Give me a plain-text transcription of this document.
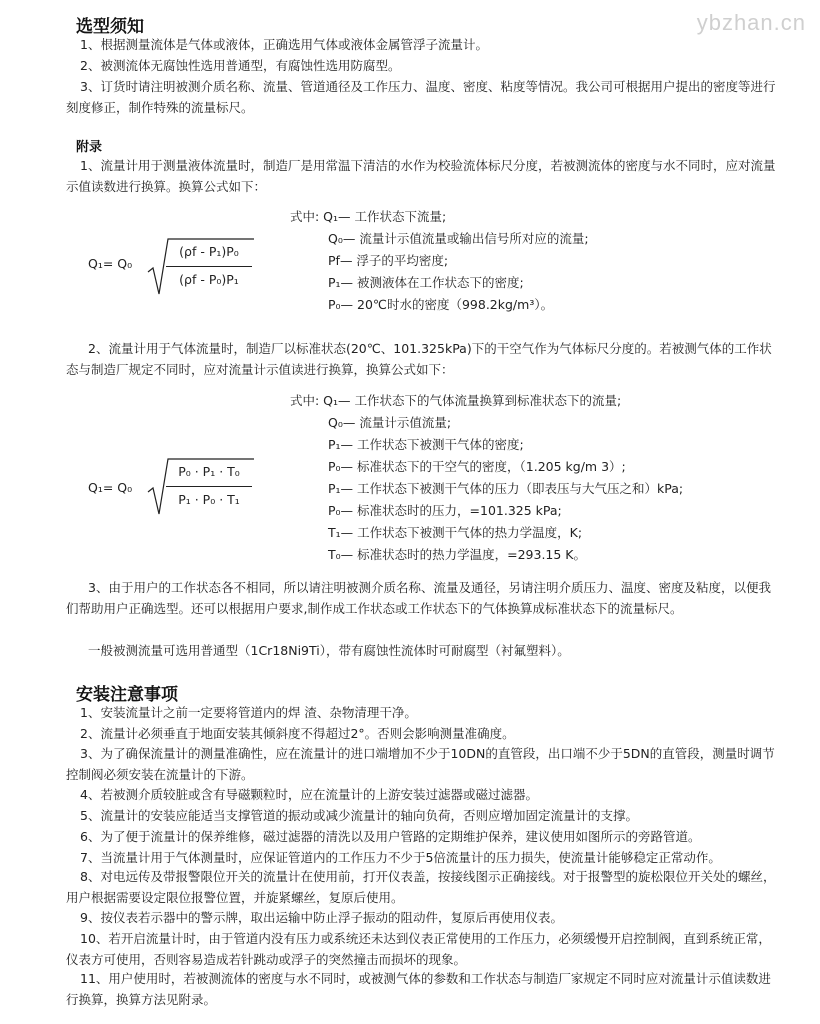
ybzhan.cn
选型须知
1、根据测量流体是气体或液体，正确选用气体或液体金属管浮子流量计。
2、被测流体无腐蚀性选用普通型，有腐蚀性选用防腐型。
3、订货时请注明被测介质名称、流量、管道通径及工作压力、温度、密度、粘度等情况。我公司可根据用户提出的密度等进行刻度修正，制作特殊的流量标尺。
附录
1、流量计用于测量液体流量时，制造厂是用常温下清洁的水作为校验流体标尺分度，若被测流体的密度与水不同时，应对流量示值读数进行换算。换算公式如下：
Q₁= Q₀
(ρf - P₁)P₀
(ρf - P₀)P₁
式中: Q₁— 工作状态下流量;
Q₀— 流量计示值流量或输出信号所对应的流量;
Pf— 浮子的平均密度;
P₁— 被测液体在工作状态下的密度;
P₀— 20℃时水的密度（998.2kg/m³）。
2、流量计用于气体流量时，制造厂以标准状态(20℃、101.325kPa)下的干空气作为气体标尺分度的。若被测气体的工作状态与制造厂规定不同时，应对流量计示值读进行换算，换算公式如下：
Q₁= Q₀
P₀ · P₁ · T₀
P₁ · P₀ · T₁
式中: Q₁— 工作状态下的气体流量换算到标准状态下的流量;
Q₀— 流量计示值流量;
P₁— 工作状态下被测干气体的密度;
P₀— 标准状态下的干空气的密度，（1.205 kg/m 3）;
P₁— 工作状态下被测干气体的压力（即表压与大气压之和）kPa;
P₀— 标准状态时的压力，=101.325 kPa;
T₁— 工作状态下被测干气体的热力学温度，K;
T₀— 标准状态时的热力学温度，=293.15 K。
3、由于用户的工作状态各不相同，所以请注明被测介质名称、流量及通径，另请注明介质压力、温度、密度及粘度，以便我们帮助用户正确选型。还可以根据用户要求,制作成工作状态或工作状态下的气体换算成标准状态下的流量标尺。
一般被测流量可选用普通型（1Cr18Ni9Ti），带有腐蚀性流体时可耐腐型（衬氟塑料）。
安装注意事项
1、安装流量计之前一定要将管道内的焊 渣、杂物清理干净。
2、流量计必须垂直于地面安装其倾斜度不得超过2°。否则会影响测量准确度。
3、为了确保流量计的测量准确性，应在流量计的进口端增加不少于10DN的直管段，出口端不少于5DN的直管段，测量时调节控制阀必须安装在流量计的下游。
4、若被测介质较脏或含有导磁颗粒时，应在流量计的上游安装过滤器或磁过滤器。
5、流量计的安装应能适当支撑管道的振动或减少流量计的轴向负荷，否则应增加固定流量计的支撑。
6、为了便于流量计的保养维修，磁过滤器的清洗以及用户管路的定期维护保养，建议使用如图所示的旁路管道。
7、当流量计用于气体测量时，应保证管道内的工作压力不少于5倍流量计的压力损失，使流量计能够稳定正常动作。
8、对电远传及带报警限位开关的流量计在使用前，打开仪表盖，按接线图示正确接线。对于报警型的旋松限位开关处的螺丝，用户根据需要设定限位报警位置，并旋紧螺丝，复原后使用。
9、按仪表若示器中的警示牌，取出运输中防止浮子振动的阻动件，复原后再使用仪表。
10、若开启流量计时，由于管道内没有压力或系统还未达到仪表正常使用的工作压力，必须缓慢开启控制阀，直到系统正常，仪表方可使用，否则容易造成若针跳动或浮子的突然撞击而损坏的现象。
11、用户使用时，若被测流体的密度与水不同时，或被测气体的参数和工作状态与制造厂家规定不同时应对流量计示值读数进行换算，换算方法见附录。
